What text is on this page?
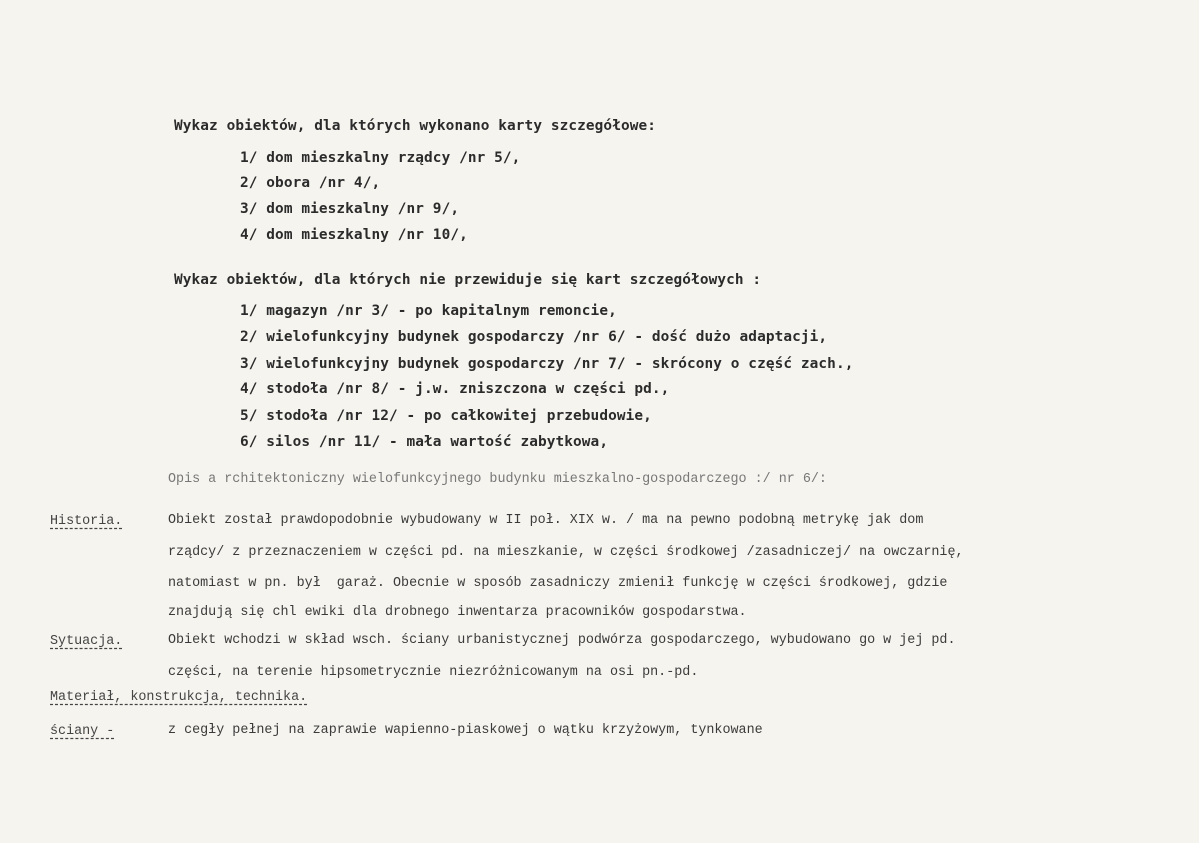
Wykaz obiektów, dla których wykonano karty szczegółowe:
1/ dom mieszkalny rządcy /nr 5/,
2/ obora /nr 4/,
3/ dom mieszkalny /nr 9/,
4/ dom mieszkalny /nr 10/,
Wykaz obiektów, dla których nie przewiduje się kart szczegółowych :
1/ magazyn /nr 3/ - po kapitalnym remoncie,
2/ wielofunkcyjny budynek gospodarczy /nr 6/ - dość dużo adaptacji,
3/ wielofunkcyjny budynek gospodarczy /nr 7/ - skrócony o część zach.,
4/ stodoła /nr 8/ - j.w. zniszczona w części pd.,
5/ stodoła /nr 12/ - po całkowitej przebudowie,
6/ silos /nr 11/ - mała wartość zabytkowa,
Opis a rchitektoniczny wielofunkcyjnego budynku mieszkalno-gospodarczego :/ nr 6/:
Historia.	Obiekt został prawdopodobnie wybudowany w II poł. XIX w. / ma na pewno podobną metrykę jak dom
rządcy/ z przeznaczeniem w części pd. na mieszkanie, w części środkowej /zasadniczej/ na owczarnię,
natomiast w pn. był  garaż. Obecnie w sposób zasadniczy zmienił funkcję w części środkowej, gdzie
znajdują się chl ewiki dla drobnego inwentarza pracowników gospodarstwa.
Sytuacja.	Obiekt wchodzi w skład wsch. ściany urbanistycznej podwórza gospodarczego, wybudowano go w jej pd.
części, na terenie hipsometrycznie niezróżnicowanym na osi pn.-pd.
Materiał, konstrukcja, technika.
ściany -	z cegły pełnej na zaprawie wapienno-piaskowej o wątku krzyżowym, tynkowane
